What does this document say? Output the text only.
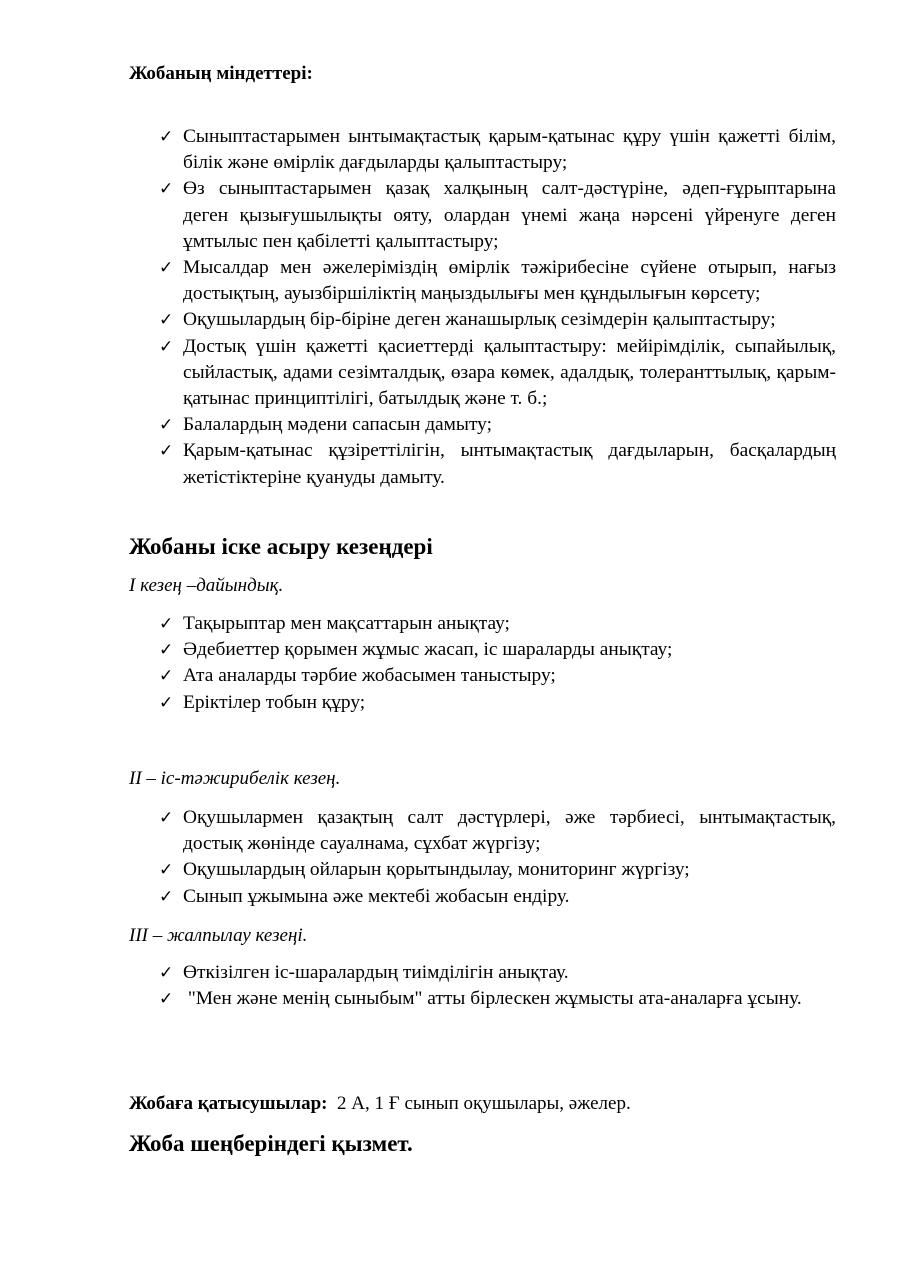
Жобаның міндеттері:
✓ Сыныптастарымен ынтымақтастық қарым-қатынас құру үшін қажетті білім, білік және өмірлік дағдыларды қалыптастыру;
✓ Өз сыныптастарымен қазақ халқының салт-дәстүріне, әдеп-ғұрыптарына деген қызығушылықты ояту, олардан үнемі жаңа нәрсені үйренуге деген ұмтылыс пен қабілетті қалыптастыру;
✓ Мысалдар мен әжелеріміздің өмірлік тәжірибесіне сүйене отырып, нағыз достықтың, ауызбіршіліктің маңыздылығы мен құндылығын көрсету;
✓ Оқушылардың бір-біріне деген жанашырлық сезімдерін қалыптастыру;
✓ Достық үшін қажетті қасиеттерді қалыптастыру: мейірімділік, сыпайылық, сыйластық, адами сезімталдық, өзара көмек, адалдық, толеранттылық, қарым-қатынас принциптілігі, батылдық және т. б.;
✓ Балалардың мәдени сапасын дамыту;
✓ Қарым-қатынас құзіреттілігін, ынтымақтастық дағдыларын, басқалардың жетістіктеріне қуануды дамыту.
Жобаны іске асыру кезеңдері
I кезең –дайындық.
✓ Тақырыптар мен мақсаттарын анықтау;
✓ Әдебиеттер қорымен жұмыс жасап, іс шараларды анықтау;
✓ Ата аналарды тәрбие жобасымен таныстыру;
✓ Еріктілер тобын құру;
II – іс-тәжирибелік кезең.
✓ Оқушылармен қазақтың салт дәстүрлері, әже тәрбиесі, ынтымақтастық, достық жөнінде сауалнама, сұхбат жүргізу;
✓ Оқушылардың ойларын қорытындылау, мониторинг жүргізу;
✓ Сынып ұжымына әже мектебі жобасын ендіру.
III – жалпылау кезеңі.
✓ Өткізілген іс-шаралардың тиімділігін анықтау.
✓ "Мен және менің сыныбым" атты бірлескен жұмысты ата-аналарға ұсыну.
Жобаға қатысушылар: 2 А, 1 Ғ сынып оқушылары, әжелер.
Жоба шеңберіндегі қызмет.
